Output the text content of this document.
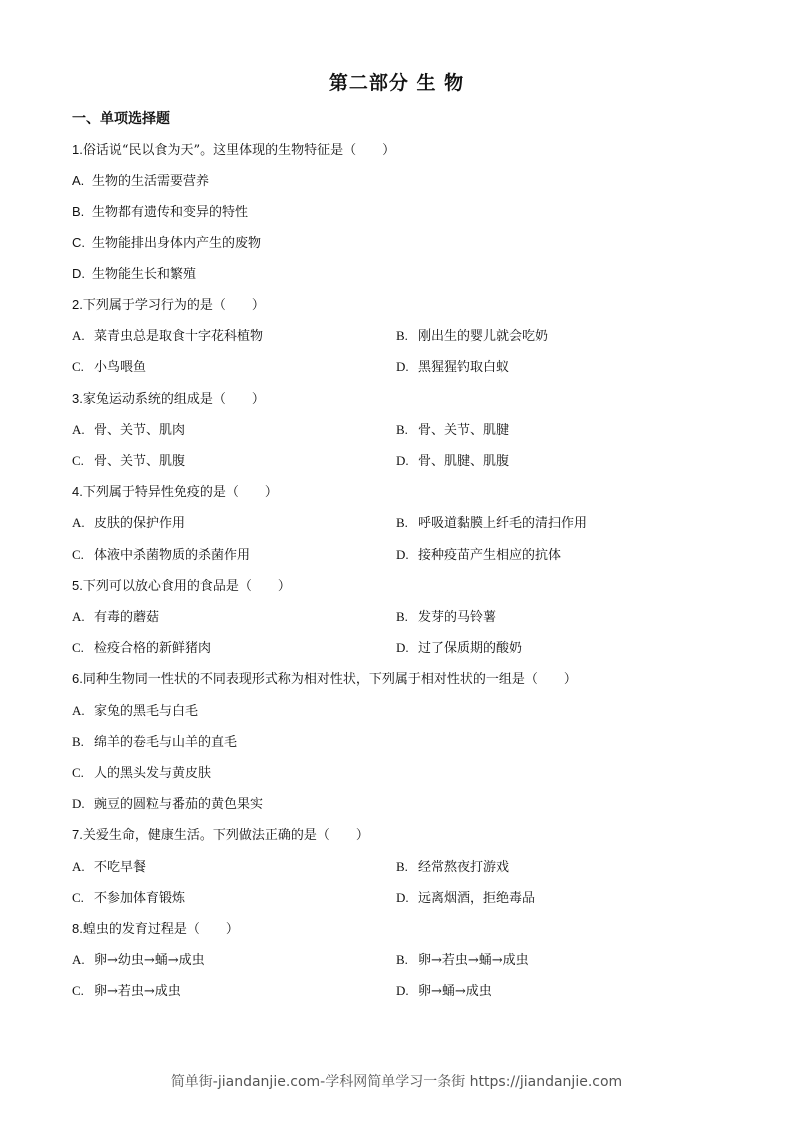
第二部分 生 物
一、单项选择题
1.俗话说“民以食为天”。这里体现的生物特征是（　　）
A. 生物的生活需要营养
B. 生物都有遗传和变异的特性
C. 生物能排出身体内产生的废物
D. 生物能生长和繁殖
2.下列属于学习行为的是（　　）
A. 菜青虫总是取食十字花科植物	B. 刚出生的婴儿就会吃奶
C. 小鸟喂鱼	D. 黑猩猩钓取白蚁
3.家兔运动系统的组成是（　　）
A. 骨、关节、肌肉	B. 骨、关节、肌腱
C. 骨、关节、肌腹	D. 骨、肌腱、肌腹
4.下列属于特异性免疫的是（　　）
A. 皮肤的保护作用	B. 呼吸道黏膜上纤毛的清扫作用
C. 体液中杀菌物质的杀菌作用	D. 接种疫苗产生相应的抗体
5.下列可以放心食用的食品是（　　）
A. 有毒的蘑菇	B. 发芽的马铃薯
C. 检疫合格的新鲜猪肉	D. 过了保质期的酸奶
6.同种生物同一性状的不同表现形式称为相对性状，下列属于相对性状的一组是（　　）
A. 家兔的黑毛与白毛
B. 绵羊的卷毛与山羊的直毛
C. 人的黑头发与黄皮肤
D. 豌豆的圆粒与番茄的黄色果实
7.关爱生命，健康生活。下列做法正确的是（　　）
A. 不吃早餐	B. 经常熬夜打游戏
C. 不参加体育锻炼	D. 远离烟酒，拒绝毒品
8.蝗虫的发育过程是（　　）
A. 卵→幼虫→蛹→成虫	B. 卵→若虫→蛹→成虫
C. 卵→若虫→成虫	D. 卵→蛹→成虫
简单街-jiandanjie.com-学科网简单学习一条街 https://jiandanjie.com
